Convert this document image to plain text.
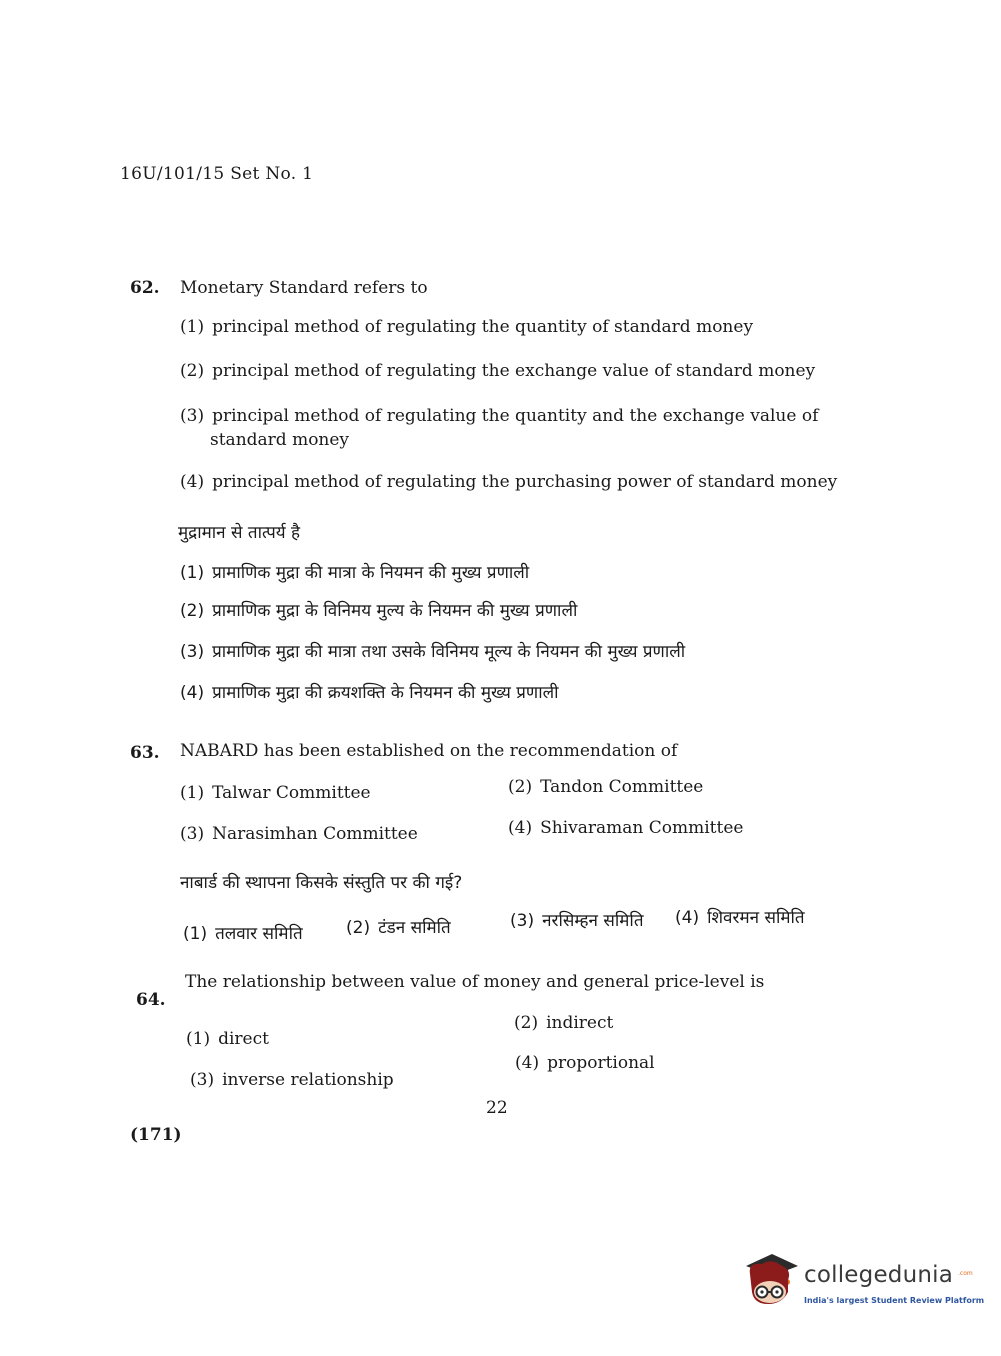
16U/101/15 Set No. 1
62. Monetary Standard refers to
(1) principal method of regulating the quantity of standard money
(2) principal method of regulating the exchange value of standard money
(3) principal method of regulating the quantity and the exchange value of
standard money
(4) principal method of regulating the purchasing power of standard money
मुद्रामान से तात्पर्य है
(1) प्रामाणिक मुद्रा की मात्रा के नियमन की मुख्य प्रणाली
(2) प्रामाणिक मुद्रा के विनिमय मुल्य के नियमन की मुख्य प्रणाली
(3) प्रामाणिक मुद्रा की मात्रा तथा उसके विनिमय मूल्य के नियमन की मुख्य प्रणाली
(4) प्रामाणिक मुद्रा की क्रयशक्ति के नियमन की मुख्य प्रणाली
63. NABARD has been established on the recommendation of
(1) Talwar Committee	(2) Tandon Committee
(3) Narasimhan Committee	(4) Shivaraman Committee
नाबार्ड की स्थापना किसके संस्तुति पर की गई?
(1) तलवार समिति	(2) टंडन समिति	(3) नरसिम्हन समिति (4) शिवरमन समिति
64.
The relationship between value of money and general price-level is
(1) direct
(2) indirect
(3) inverse relationship
(4) proportional
22
(171)
collegedunia .com
India's largest Student Review Platform
